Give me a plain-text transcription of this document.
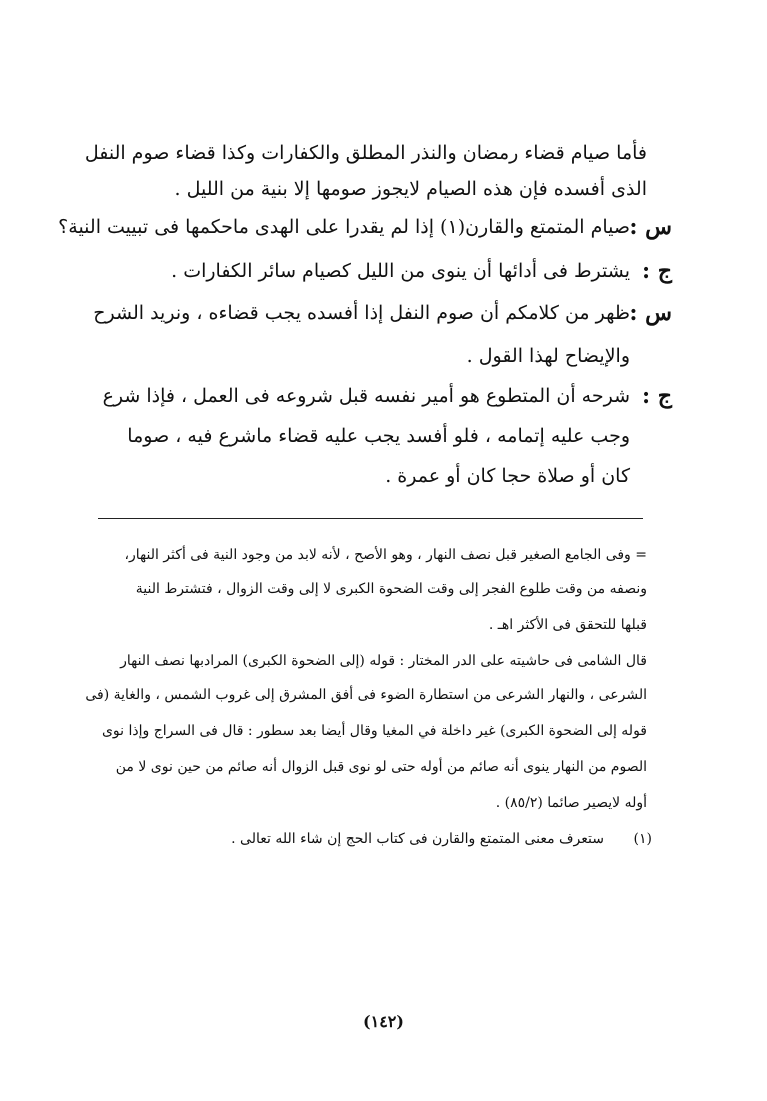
فأما صيام قضاء رمضان والنذر المطلق والكفارات وكذا قضاء صوم النفل
الذى أفسده فإن هذه الصيام لايجوز صومها إلا بنية من الليل .
س :
صيام المتمتع والقارن(١) إذا لم يقدرا على الهدى ماحكمها فى تبييت النية؟
ج :
يشترط فى أدائها أن ينوى من الليل كصيام سائر الكفارات .
س :
ظهر من كلامكم أن صوم النفل إذا أفسده يجب قضاءه ، ونريد الشرح
والإيضاح لهذا القول .
ج :
شرحه أن المتطوع هو أمير نفسه قبل شروعه فى العمل ، فإذا شرع
وجب عليه إتمامه ، فلو أفسد يجب عليه قضاء ماشرع فيه ، صوما
كان أو صلاة حجا كان أو عمرة .
= وفى الجامع الصغير قبل نصف النهار ، وهو الأصح ، لأنه لابد من وجود النية فى أكثر النهار،
ونصفه من وقت طلوع الفجر إلى وقت الضحوة الكبرى لا إلى وقت الزوال ، فتشترط النية
قبلها للتحقق فى الأكثر اهـ .
قال الشامى فى حاشيته على الدر المختار : قوله (إلى الضحوة الكبرى) المرادبها نصف النهار
الشرعى ، والنهار الشرعى من استطارة الضوء فى أفق المشرق إلى غروب الشمس ، والغاية (فى
قوله إلى الضحوة الكبرى) غير داخلة في المغيا وقال أيضا بعد سطور : قال فى السراج وإذا نوى
الصوم من النهار ينوى أنه صائم من أوله حتى لو نوى قبل الزوال أنه صائم من حين نوى لا من
أوله لايصير صائما (٨٥/٢) .
(١)
ستعرف معنى المتمتع والقارن فى كتاب الحج إن شاء الله تعالى .
(١٤٢)
